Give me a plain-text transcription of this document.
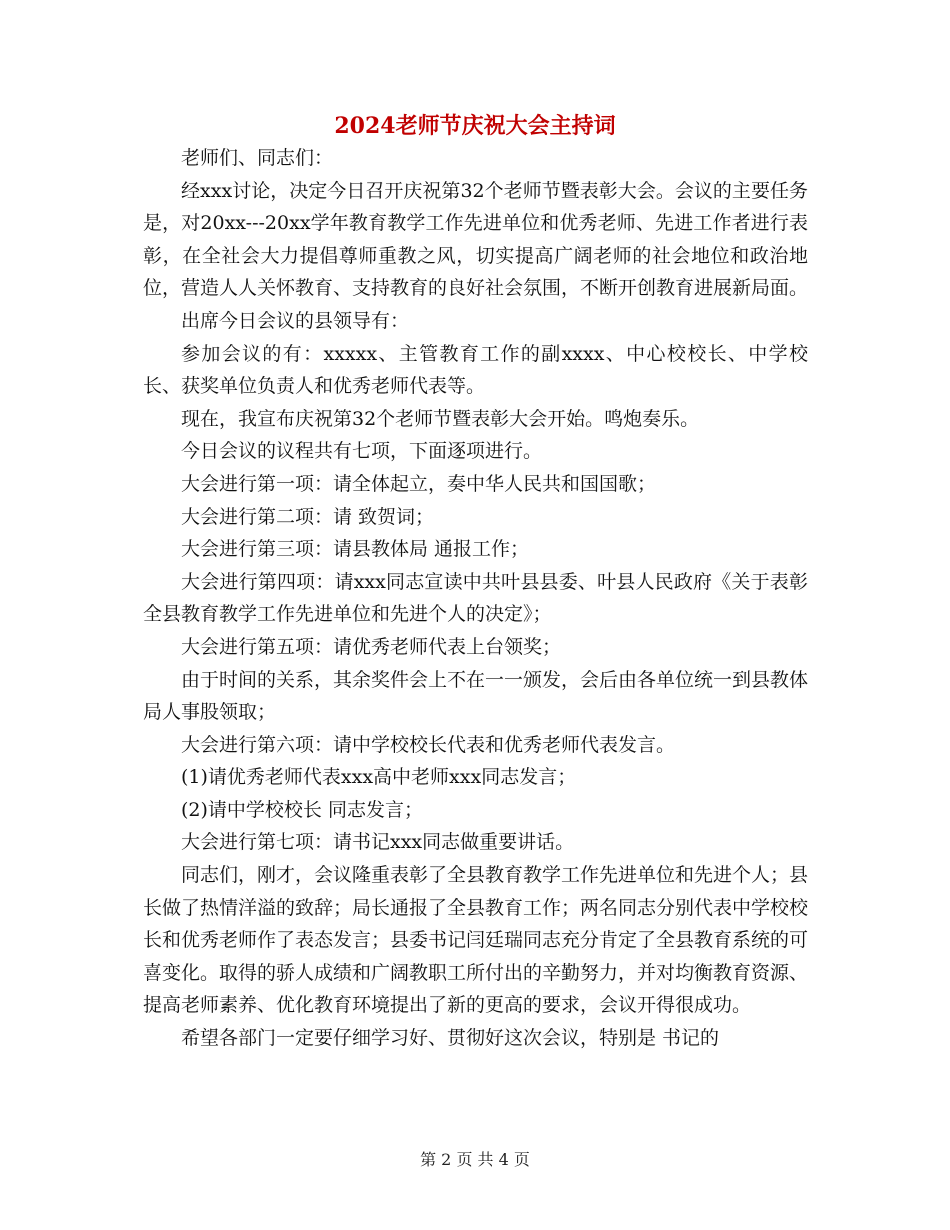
2024老师节庆祝大会主持词

老师们、同志们：

经xxx讨论，决定今日召开庆祝第32个老师节暨表彰大会。会议的主要任务是，对20xx---20xx学年教育教学工作先进单位和优秀老师、先进工作者进行表彰，在全社会大力提倡尊师重教之风，切实提高广阔老师的社会地位和政治地位，营造人人关怀教育、支持教育的良好社会氛围，不断开创教育进展新局面。

出席今日会议的县领导有：

参加会议的有：xxxxx、主管教育工作的副xxxx、中心校校长、中学校长、获奖单位负责人和优秀老师代表等。

现在，我宣布庆祝第32个老师节暨表彰大会开始。鸣炮奏乐。

今日会议的议程共有七项，下面逐项进行。

大会进行第一项：请全体起立，奏中华人民共和国国歌；

大会进行第二项：请 致贺词；

大会进行第三项：请县教体局 通报工作；

大会进行第四项：请xxx同志宣读中共叶县县委、叶县人民政府《关于表彰全县教育教学工作先进单位和先进个人的决定》；

大会进行第五项：请优秀老师代表上台领奖；

由于时间的关系，其余奖件会上不在一一颁发，会后由各单位统一到县教体局人事股领取；

大会进行第六项：请中学校校长代表和优秀老师代表发言。

(1)请优秀老师代表xxx高中老师xxx同志发言；

(2)请中学校校长 同志发言；

大会进行第七项：请书记xxx同志做重要讲话。

同志们，刚才，会议隆重表彰了全县教育教学工作先进单位和先进个人；县长做了热情洋溢的致辞；局长通报了全县教育工作；两名同志分别代表中学校校长和优秀老师作了表态发言；县委书记闫廷瑞同志充分肯定了全县教育系统的可喜变化。取得的骄人成绩和广阔教职工所付出的辛勤努力，并对均衡教育资源、提高老师素养、优化教育环境提出了新的更高的要求，会议开得很成功。

希望各部门一定要仔细学习好、贯彻好这次会议，特别是 书记的

第 2 页 共 4 页
